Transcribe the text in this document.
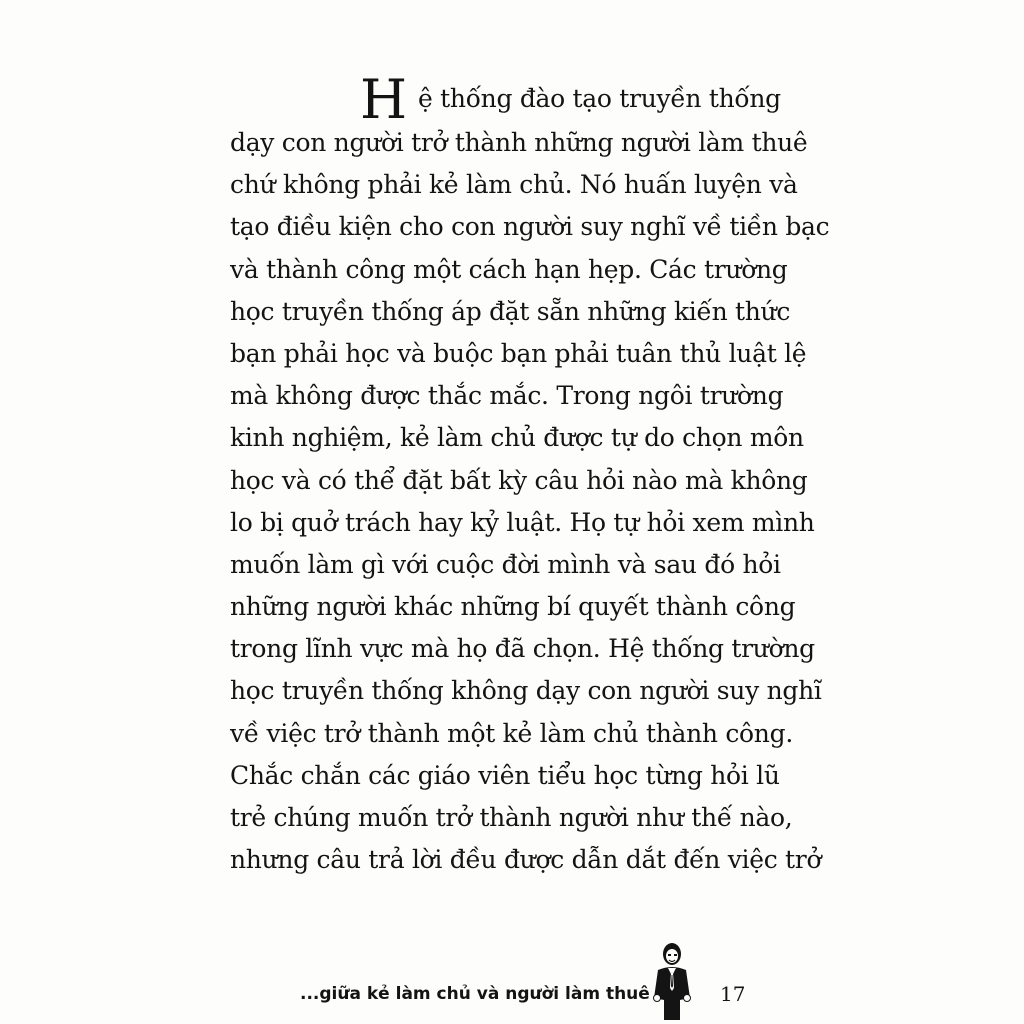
H ệ thống đào tạo truyền thống
dạy con người trở thành những người làm thuê
chứ không phải kẻ làm chủ. Nó huấn luyện và
tạo điều kiện cho con người suy nghĩ về tiền bạc
và thành công một cách hạn hẹp. Các trường
học truyền thống áp đặt sẵn những kiến thức
bạn phải học và buộc bạn phải tuân thủ luật lệ
mà không được thắc mắc. Trong ngôi trường
kinh nghiệm, kẻ làm chủ được tự do chọn môn
học và có thể đặt bất kỳ câu hỏi nào mà không
lo bị quở trách hay kỷ luật. Họ tự hỏi xem mình
muốn làm gì với cuộc đời mình và sau đó hỏi
những người khác những bí quyết thành công
trong lĩnh vực mà họ đã chọn. Hệ thống trường
học truyền thống không dạy con người suy nghĩ
về việc trở thành một kẻ làm chủ thành công.
Chắc chắn các giáo viên tiểu học từng hỏi lũ
trẻ chúng muốn trở thành người như thế nào,
nhưng câu trả lời đều được dẫn dắt đến việc trở
...giữa kẻ làm chủ và người làm thuê	17
